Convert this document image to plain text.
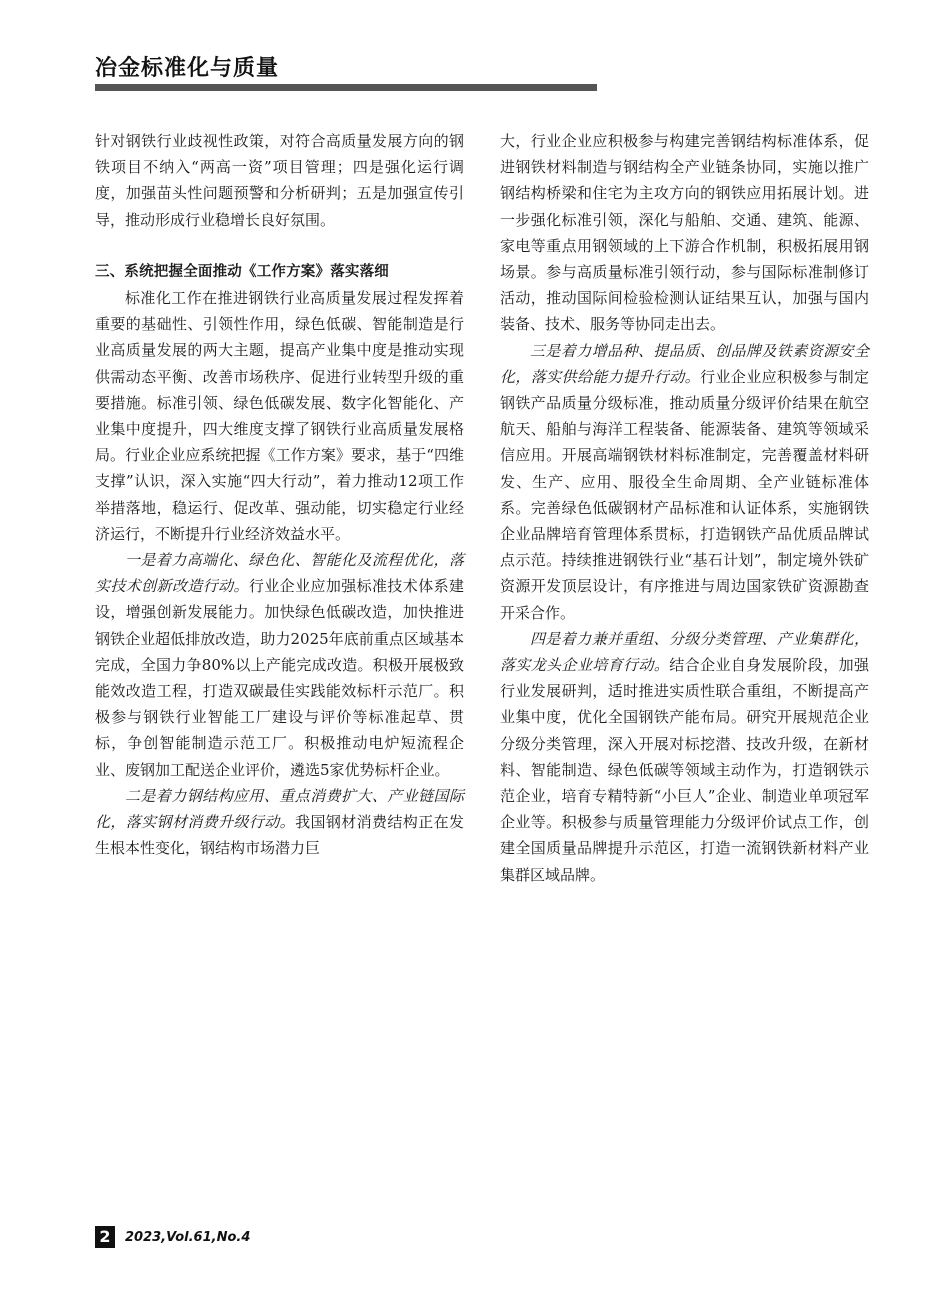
冶金标准化与质量

针对钢铁行业歧视性政策，对符合高质量发展方向的钢铁项目不纳入“两高一资”项目管理；四是强化运行调度，加强苗头性问题预警和分析研判；五是加强宣传引导，推动形成行业稳增长良好氛围。

三、系统把握全面推动《工作方案》落实落细

标准化工作在推进钢铁行业高质量发展过程发挥着重要的基础性、引领性作用，绿色低碳、智能制造是行业高质量发展的两大主题，提高产业集中度是推动实现供需动态平衡、改善市场秩序、促进行业转型升级的重要措施。标准引领、绿色低碳发展、数字化智能化、产业集中度提升，四大维度支撑了钢铁行业高质量发展格局。行业企业应系统把握《工作方案》要求，基于“四维支撑”认识，深入实施“四大行动”，着力推动12项工作举措落地，稳运行、促改革、强动能，切实稳定行业经济运行，不断提升行业经济效益水平。

一是着力高端化、绿色化、智能化及流程优化，落实技术创新改造行动。行业企业应加强标准技术体系建设，增强创新发展能力。加快绿色低碳改造，加快推进钢铁企业超低排放改造，助力2025年底前重点区域基本完成，全国力争80%以上产能完成改造。积极开展极致能效改造工程，打造双碳最佳实践能效标杆示范厂。积极参与钢铁行业智能工厂建设与评价等标准起草、贯标，争创智能制造示范工厂。积极推动电炉短流程企业、废钢加工配送企业评价，遴选5家优势标杆企业。

二是着力钢结构应用、重点消费扩大、产业链国际化，落实钢材消费升级行动。我国钢材消费结构正在发生根本性变化，钢结构市场潜力巨

大，行业企业应积极参与构建完善钢结构标准体系，促进钢铁材料制造与钢结构全产业链条协同，实施以推广钢结构桥梁和住宅为主攻方向的钢铁应用拓展计划。进一步强化标准引领，深化与船舶、交通、建筑、能源、家电等重点用钢领域的上下游合作机制，积极拓展用钢场景。参与高质量标准引领行动，参与国际标准制修订活动，推动国际间检验检测认证结果互认，加强与国内装备、技术、服务等协同走出去。

三是着力增品种、提品质、创品牌及铁素资源安全化，落实供给能力提升行动。行业企业应积极参与制定钢铁产品质量分级标准，推动质量分级评价结果在航空航天、船舶与海洋工程装备、能源装备、建筑等领域采信应用。开展高端钢铁材料标准制定，完善覆盖材料研发、生产、应用、服役全生命周期、全产业链标准体系。完善绿色低碳钢材产品标准和认证体系，实施钢铁企业品牌培育管理体系贯标，打造钢铁产品优质品牌试点示范。持续推进钢铁行业“基石计划”，制定境外铁矿资源开发顶层设计，有序推进与周边国家铁矿资源勘查开采合作。

四是着力兼并重组、分级分类管理、产业集群化，落实龙头企业培育行动。结合企业自身发展阶段，加强行业发展研判，适时推进实质性联合重组，不断提高产业集中度，优化全国钢铁产能布局。研究开展规范企业分级分类管理，深入开展对标挖潜、技改升级，在新材料、智能制造、绿色低碳等领域主动作为，打造钢铁示范企业，培育专精特新“小巨人”企业、制造业单项冠军企业等。积极参与质量管理能力分级评价试点工作，创建全国质量品牌提升示范区，打造一流钢铁新材料产业集群区域品牌。

2	2023,Vol.61,No.4
